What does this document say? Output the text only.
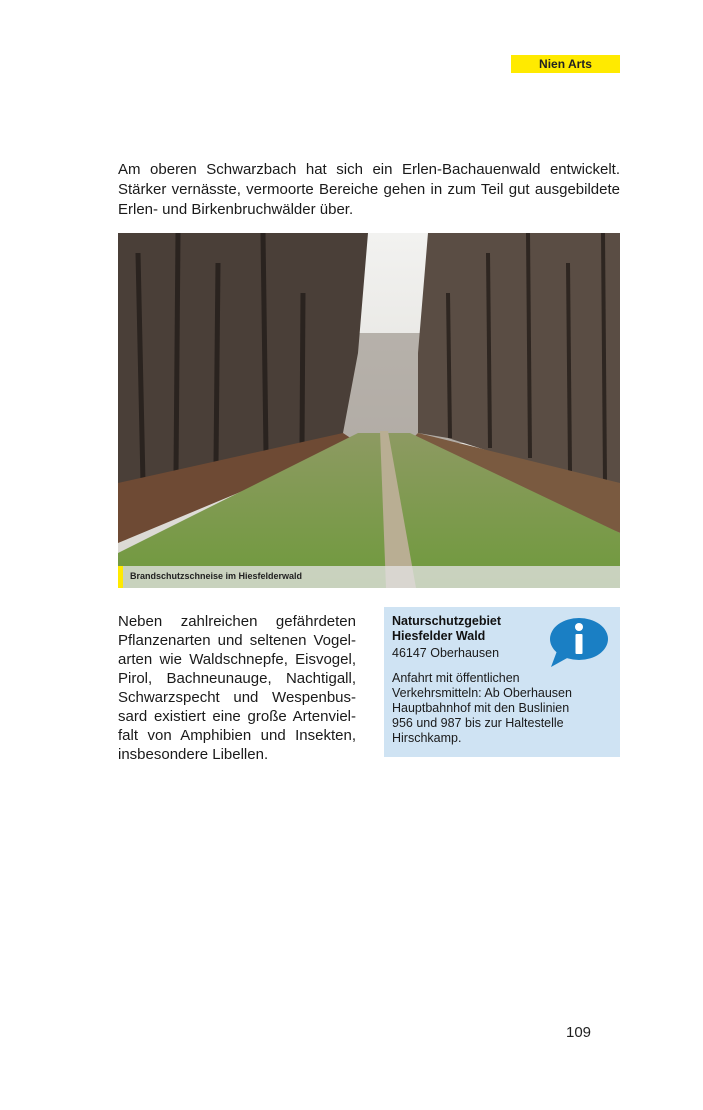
Nien Arts
Am oberen Schwarzbach hat sich ein Erlen-Bachauenwald entwickelt.
Stärker vernässte, vermoorte Bereiche gehen in zum Teil gut ausgebildete
Erlen- und Birkenbruchwälder über.
Brandschutzschneise im Hiesfelderwald
Neben zahlreichen gefährdeten
Pflanzenarten und seltenen Vogel-
arten wie Waldschnepfe, Eisvogel,
Pirol, Bachneunauge, Nachtigall,
Schwarzspecht und Wespenbus-
sard existiert eine große Artenviel-
falt von Amphibien und Insekten,
insbesondere Libellen.
Naturschutzgebiet
Hiesfelder Wald
46147 Oberhausen
Anfahrt mit öffentlichen
Verkehrsmitteln: Ab Oberhausen
Hauptbahnhof mit den Buslinien
956 und 987 bis zur Haltestelle
Hirschkamp.
109
